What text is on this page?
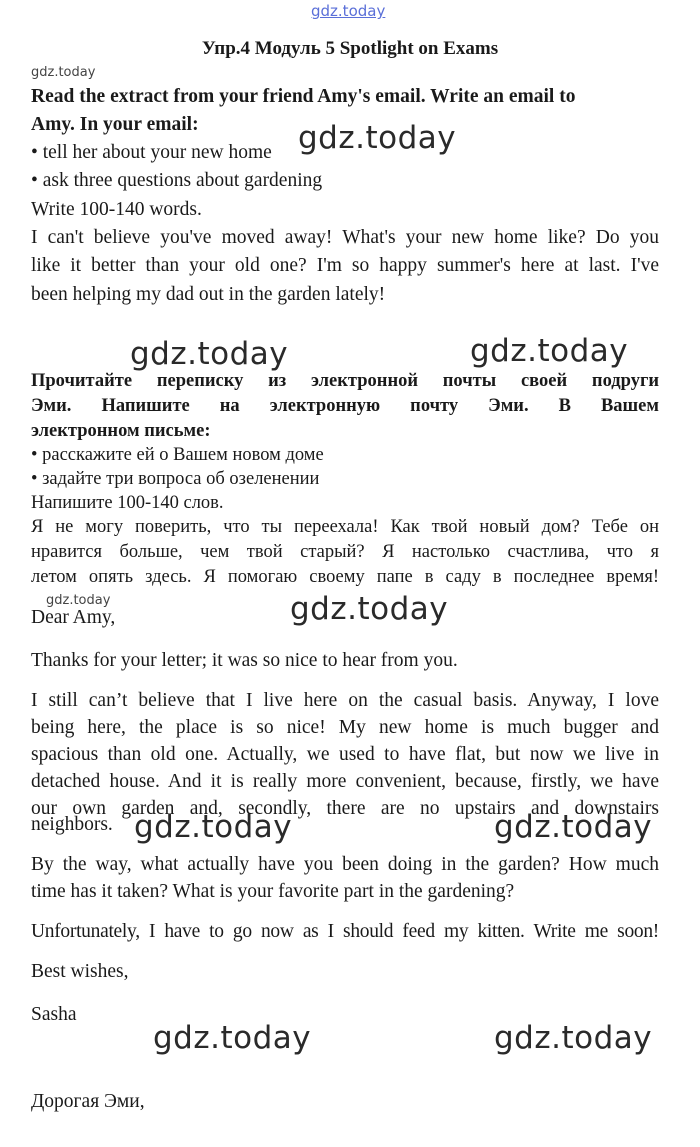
gdz.today
gdz.today
gdz.today
gdz.today	gdz.today
gdz.today	gdz.today
gdz.today	gdz.today
gdz.today	gdz.today
Упр.4 Модуль 5 Spotlight on Exams
Read the extract from your friend Amy's email. Write an email to
Amy. In your email:
• tell her about your new home
• ask three questions about gardening
Write 100-140 words.
I can't believe you've moved away! What's your new home like? Do you
like it better than your old one? I'm so happy summer's here at last. I've
been helping my dad out in the garden lately!
Прочитайте переписку из электронной почты своей подруги
Эми. Напишите на электронную почту Эми. В Вашем
электронном письме:
• расскажите ей о Вашем новом доме
• задайте три вопроса об озеленении
Напишите 100-140 слов.
Я не могу поверить, что ты переехала! Как твой новый дом? Тебе он
нравится больше, чем твой старый? Я настолько счастлива, что я
летом опять здесь. Я помогаю своему папе в саду в последнее время!
Dear Amy,
Thanks for your letter; it was so nice to hear from you.
I still can’t believe that I live here on the casual basis. Anyway, I love
being here, the place is so nice! My new home is much bugger and
spacious than old one. Actually, we used to have flat, but now we live in
detached house. And it is really more convenient, because, firstly, we have
our own garden and, secondly, there are no upstairs and downstairs
neighbors.
By the way, what actually have you been doing in the garden? How much
time has it taken? What is your favorite part in the gardening?
Unfortunately, I have to go now as I should feed my kitten. Write me soon!
Best wishes,
Sasha
Дорогая Эми,
